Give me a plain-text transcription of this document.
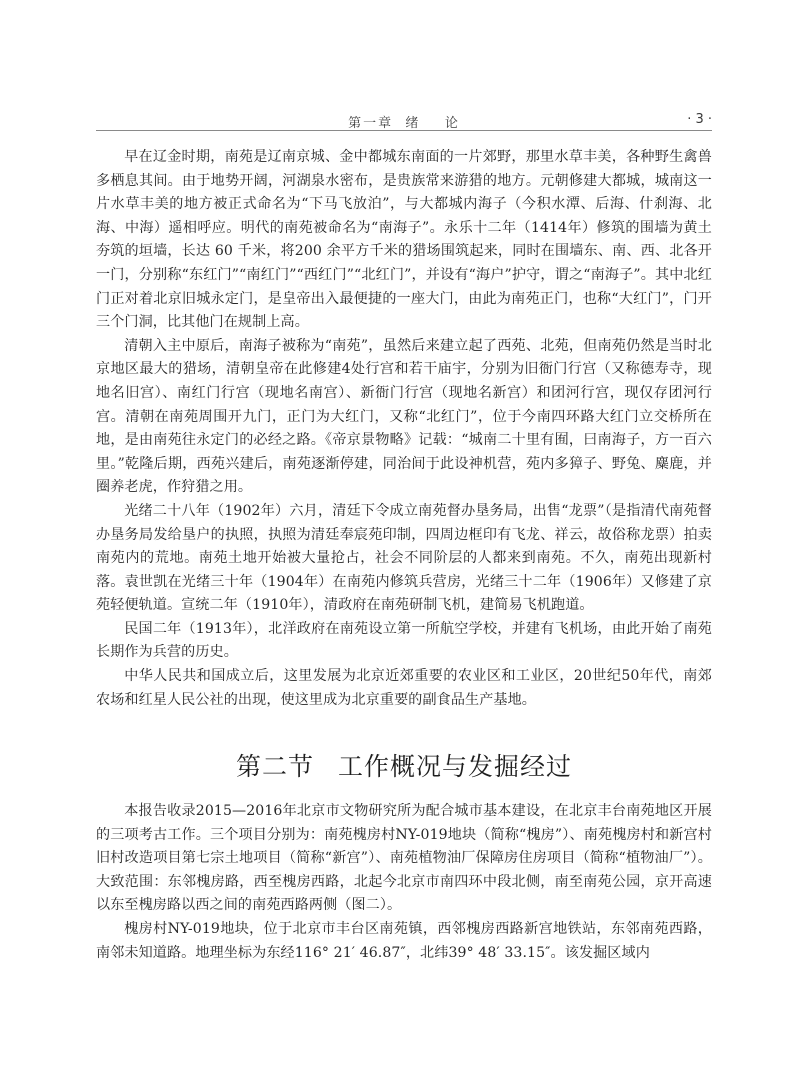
第一章  绪    论	· 3 ·

早在辽金时期，南苑是辽南京城、金中都城东南面的一片郊野，那里水草丰美，各种野生禽兽多栖息其间。由于地势开阔，河湖泉水密布，是贵族常来游猎的地方。元朝修建大都城，城南这一片水草丰美的地方被正式命名为“下马飞放泊”，与大都城内海子（今积水潭、后海、什刹海、北海、中海）遥相呼应。明代的南苑被命名为“南海子”。永乐十二年（1414年）修筑的围墙为黄土夯筑的垣墙，长达 60 千米，将200 余平方千米的猎场围筑起来，同时在围墙东、南、西、北各开一门，分别称“东红门”“南红门”“西红门”“北红门”，并设有“海户”护守，谓之“南海子”。其中北红门正对着北京旧城永定门，是皇帝出入最便捷的一座大门，由此为南苑正门，也称“大红门”，门开三个门洞，比其他门在规制上高。

清朝入主中原后，南海子被称为“南苑”，虽然后来建立起了西苑、北苑，但南苑仍然是当时北京地区最大的猎场，清朝皇帝在此修建4处行宫和若干庙宇，分别为旧衙门行宫（又称德寿寺，现地名旧宫）、南红门行宫（现地名南宫）、新衙门行宫（现地名新宫）和团河行宫，现仅存团河行宫。清朝在南苑周围开九门，正门为大红门，又称“北红门”，位于今南四环路大红门立交桥所在地，是由南苑往永定门的必经之路。《帝京景物略》记载：“城南二十里有囿，曰南海子，方一百六里。”乾隆后期，西苑兴建后，南苑逐渐停建，同治间于此设神机营，苑内多獐子、野兔、麋鹿，并圈养老虎，作狩猎之用。

光绪二十八年（1902年）六月，清廷下令成立南苑督办垦务局，出售“龙票”（是指清代南苑督办垦务局发给垦户的执照，执照为清廷奉宸苑印制，四周边框印有飞龙、祥云，故俗称龙票）拍卖南苑内的荒地。南苑土地开始被大量抢占，社会不同阶层的人都来到南苑。不久，南苑出现新村落。袁世凯在光绪三十年（1904年）在南苑内修筑兵营房，光绪三十二年（1906年）又修建了京苑轻便轨道。宣统二年（1910年），清政府在南苑研制飞机，建简易飞机跑道。

民国二年（1913年），北洋政府在南苑设立第一所航空学校，并建有飞机场，由此开始了南苑长期作为兵营的历史。

中华人民共和国成立后，这里发展为北京近郊重要的农业区和工业区，20世纪50年代，南郊农场和红星人民公社的出现，使这里成为北京重要的副食品生产基地。

第二节 工作概况与发掘经过

本报告收录2015—2016年北京市文物研究所为配合城市基本建设，在北京丰台南苑地区开展的三项考古工作。三个项目分别为：南苑槐房村NY-019地块（简称“槐房”）、南苑槐房村和新宫村旧村改造项目第七宗土地项目（简称“新宫”）、南苑植物油厂保障房住房项目（简称“植物油厂”）。大致范围：东邻槐房路，西至槐房西路，北起今北京市南四环中段北侧，南至南苑公园，京开高速以东至槐房路以西之间的南苑西路两侧（图二）。

槐房村NY-019地块，位于北京市丰台区南苑镇，西邻槐房西路新宫地铁站，东邻南苑西路，南邻未知道路。地理坐标为东经116° 21′ 46.87″，北纬39° 48′ 33.15″。该发掘区域内
